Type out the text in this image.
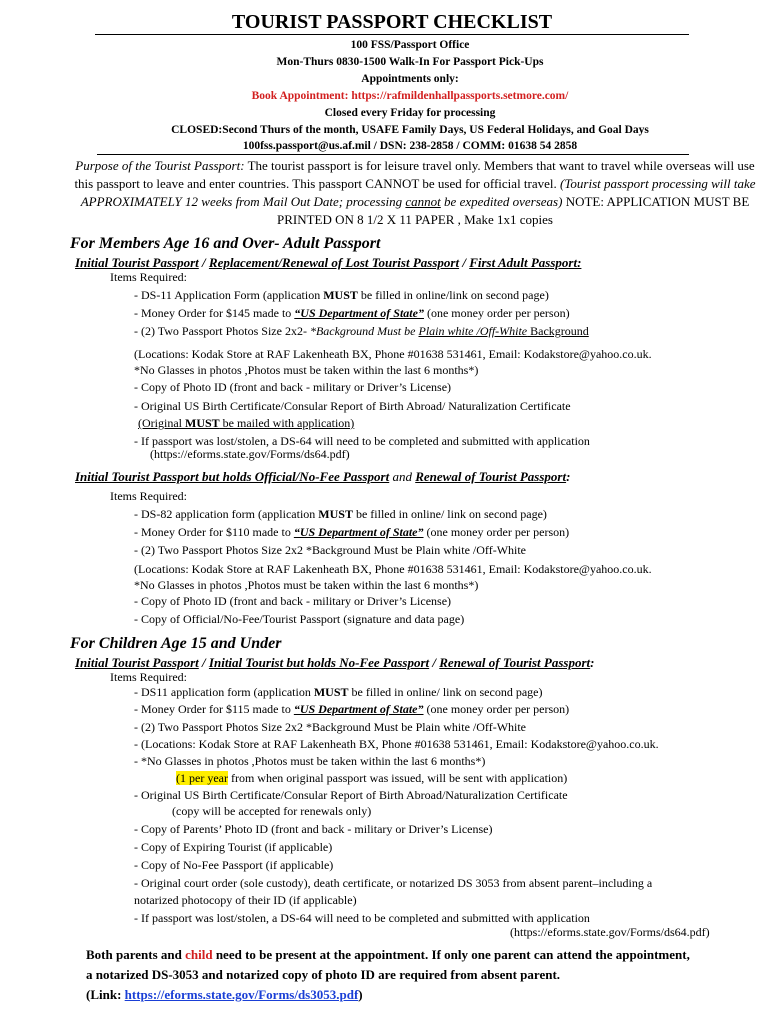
TOURIST PASSPORT CHECKLIST
100 FSS/Passport Office
Mon-Thurs 0830-1500 Walk-In For Passport Pick-Ups
Appointments only:
Book Appointment: https://rafmildenhallpassports.setmore.com/
Closed every Friday for processing
CLOSED:Second Thurs of the month, USAFE Family Days, US Federal Holidays, and Goal Days
100fss.passport@us.af.mil / DSN: 238-2858 / COMM: 01638 54 2858
Purpose of the Tourist Passport: The tourist passport is for leisure travel only. Members that want to travel while overseas will use this passport to leave and enter countries. This passport CANNOT be used for official travel. (Tourist passport processing will take APPROXIMATELY 12 weeks from Mail Out Date; processing cannot be expedited overseas) NOTE: APPLICATION MUST BE PRINTED ON 8 1/2 X 11 PAPER , Make 1x1 copies
For Members Age 16 and Over- Adult Passport
Initial Tourist Passport / Replacement/Renewal of Lost Tourist Passport / First Adult Passport:
Items Required:
- DS-11 Application Form (application MUST be filled in online/link on second page)
- Money Order for $145 made to “US Department of State” (one money order per person)
- (2) Two Passport Photos Size 2x2- *Background Must be Plain white /Off-White Background
(Locations: Kodak Store at RAF Lakenheath BX, Phone #01638 531461, Email: Kodakstore@yahoo.co.uk.
*No Glasses in photos ,Photos must be taken within the last 6 months*)
- Copy of Photo ID (front and back - military or Driver’s License)
- Original US Birth Certificate/Consular Report of Birth Abroad/ Naturalization Certificate
(Original MUST be mailed with application)
- If passport was lost/stolen, a DS-64 will need to be completed and submitted with application
(https://eforms.state.gov/Forms/ds64.pdf)
Initial Tourist Passport but holds Official/No-Fee Passport and Renewal of Tourist Passport:
Items Required:
- DS-82 application form (application MUST be filled in online/ link on second page)
- Money Order for $110 made to “US Department of State” (one money order per person)
- (2) Two Passport Photos Size 2x2 *Background Must be Plain white /Off-White
(Locations: Kodak Store at RAF Lakenheath BX, Phone #01638 531461, Email: Kodakstore@yahoo.co.uk.
*No Glasses in photos ,Photos must be taken within the last 6 months*)
- Copy of Photo ID (front and back - military or Driver’s License)
- Copy of Official/No-Fee/Tourist Passport (signature and data page)
For Children Age 15 and Under
Initial Tourist Passport / Initial Tourist but holds No-Fee Passport / Renewal of Tourist Passport:
Items Required:
- DS11 application form (application MUST be filled in online/ link on second page)
- Money Order for $115 made to “US Department of State” (one money order per person)
- (2) Two Passport Photos Size 2x2 *Background Must be Plain white /Off-White
- (Locations: Kodak Store at RAF Lakenheath BX, Phone #01638 531461, Email: Kodakstore@yahoo.co.uk.
- *No Glasses in photos ,Photos must be taken within the last 6 months*)
(1 per year from when original passport was issued, will be sent with application)
- Original US Birth Certificate/Consular Report of Birth Abroad/Naturalization Certificate
(copy will be accepted for renewals only)
- Copy of Parents’ Photo ID (front and back - military or Driver’s License)
- Copy of Expiring Tourist (if applicable)
- Copy of No-Fee Passport (if applicable)
- Original court order (sole custody), death certificate, or notarized DS 3053 from absent parent–including a
notarized photocopy of their ID (if applicable)
- If passport was lost/stolen, a DS-64 will need to be completed and submitted with application
(https://eforms.state.gov/Forms/ds64.pdf)
Both parents and child need to be present at the appointment. If only one parent can attend the appointment,
a notarized DS-3053 and notarized copy of photo ID are required from absent parent.
(Link: https://eforms.state.gov/Forms/ds3053.pdf)
